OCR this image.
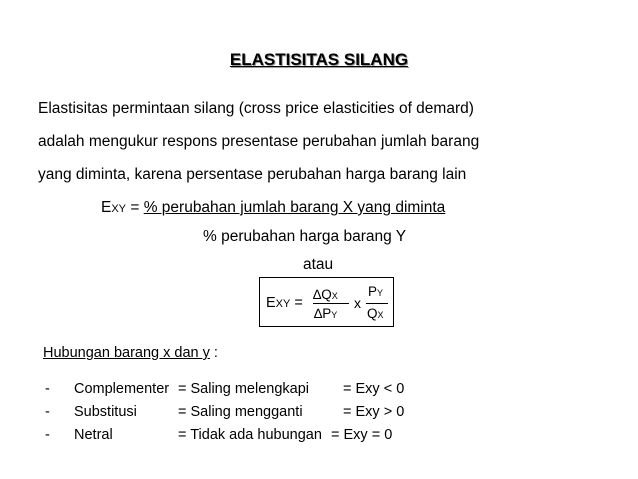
ELASTISITAS SILANG
Elastisitas permintaan silang (cross price elasticities of demard)
adalah mengukur respons presentase perubahan jumlah barang
yang diminta, karena persentase perubahan harga barang lain
EXY = % perubahan jumlah barang X yang diminta
% perubahan harga barang Y
atau
EXY =
∆QX
∆PY
x
PY
QX
Hubungan barang x dan y :
- Complementer = Saling melengkapi = Exy < 0
- Substitusi	= Saling mengganti	= Exy > 0
- Netral	= Tidak ada hubungan = Exy = 0
